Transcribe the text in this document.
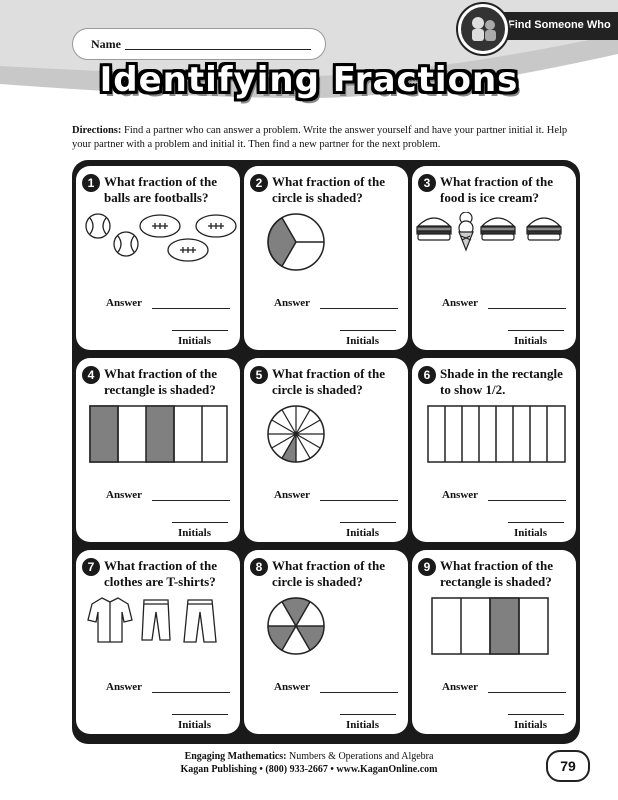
Name
Find Someone Who
Identifying Fractions
Directions: Find a partner who can answer a problem. Write the answer yourself and have your partner initial it. Help your partner with a problem and initial it. Then find a new partner for the next problem.
1 What fraction of the balls are footballs?
Answer
Initials
2 What fraction of the circle is shaded?
Answer
Initials
3 What fraction of the food is ice cream?
Answer
Initials
4 What fraction of the rectangle is shaded?
Answer
Initials
5 What fraction of the circle is shaded?
Answer
Initials
6 Shade in the rectangle to show 1/2.
Answer
Initials
7 What fraction of the clothes are T-shirts?
Answer
Initials
8 What fraction of the circle is shaded?
Answer
Initials
9 What fraction of the rectangle is shaded?
Answer
Initials
Engaging Mathematics: Numbers & Operations and Algebra
Kagan Publishing • (800) 933-2667 • www.KaganOnline.com	79
